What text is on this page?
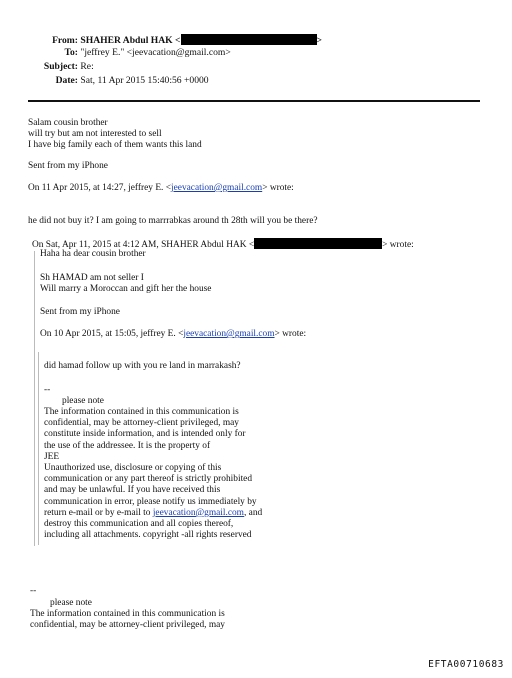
From: SHAHER Abdul HAK <	>
To: "jeffrey E." <jeevacation@gmail.com>
Subject: Re:
Date: Sat, 11 Apr 2015 15:40:56 +0000
Salam cousin brother
will try but am not interested to sell
I have big family each of them wants this land
Sent from my iPhone
On 11 Apr 2015, at 14:27, jeffrey E. <jeevacation@gmail.com> wrote:
he did not buy it? I am going to marrrabkas around th 28th will you be there?
On Sat, Apr 11, 2015 at 4:12 AM, SHAHER Abdul HAK <	> wrote:
Haha ha dear cousin brother
Sh HAMAD am not seller I
Will marry a Moroccan and gift her the house
Sent from my iPhone
On 10 Apr 2015, at 15:05, jeffrey E. <jeevacation@gmail.com> wrote:
did hamad follow up with you re land in marrakash?
--
please note
The information contained in this communication is
confidential, may be attorney-client privileged, may
constitute inside information, and is intended only for
the use of the addressee. It is the property of
JEE
Unauthorized use, disclosure or copying of this
communication or any part thereof is strictly prohibited
and may be unlawful. If you have received this
communication in error, please notify us immediately by
return e-mail or by e-mail to jeevacation@gmail.com, and
destroy this communication and all copies thereof,
including all attachments. copyright -all rights reserved
--
please note
The information contained in this communication is
confidential, may be attorney-client privileged, may
EFTA00710683
